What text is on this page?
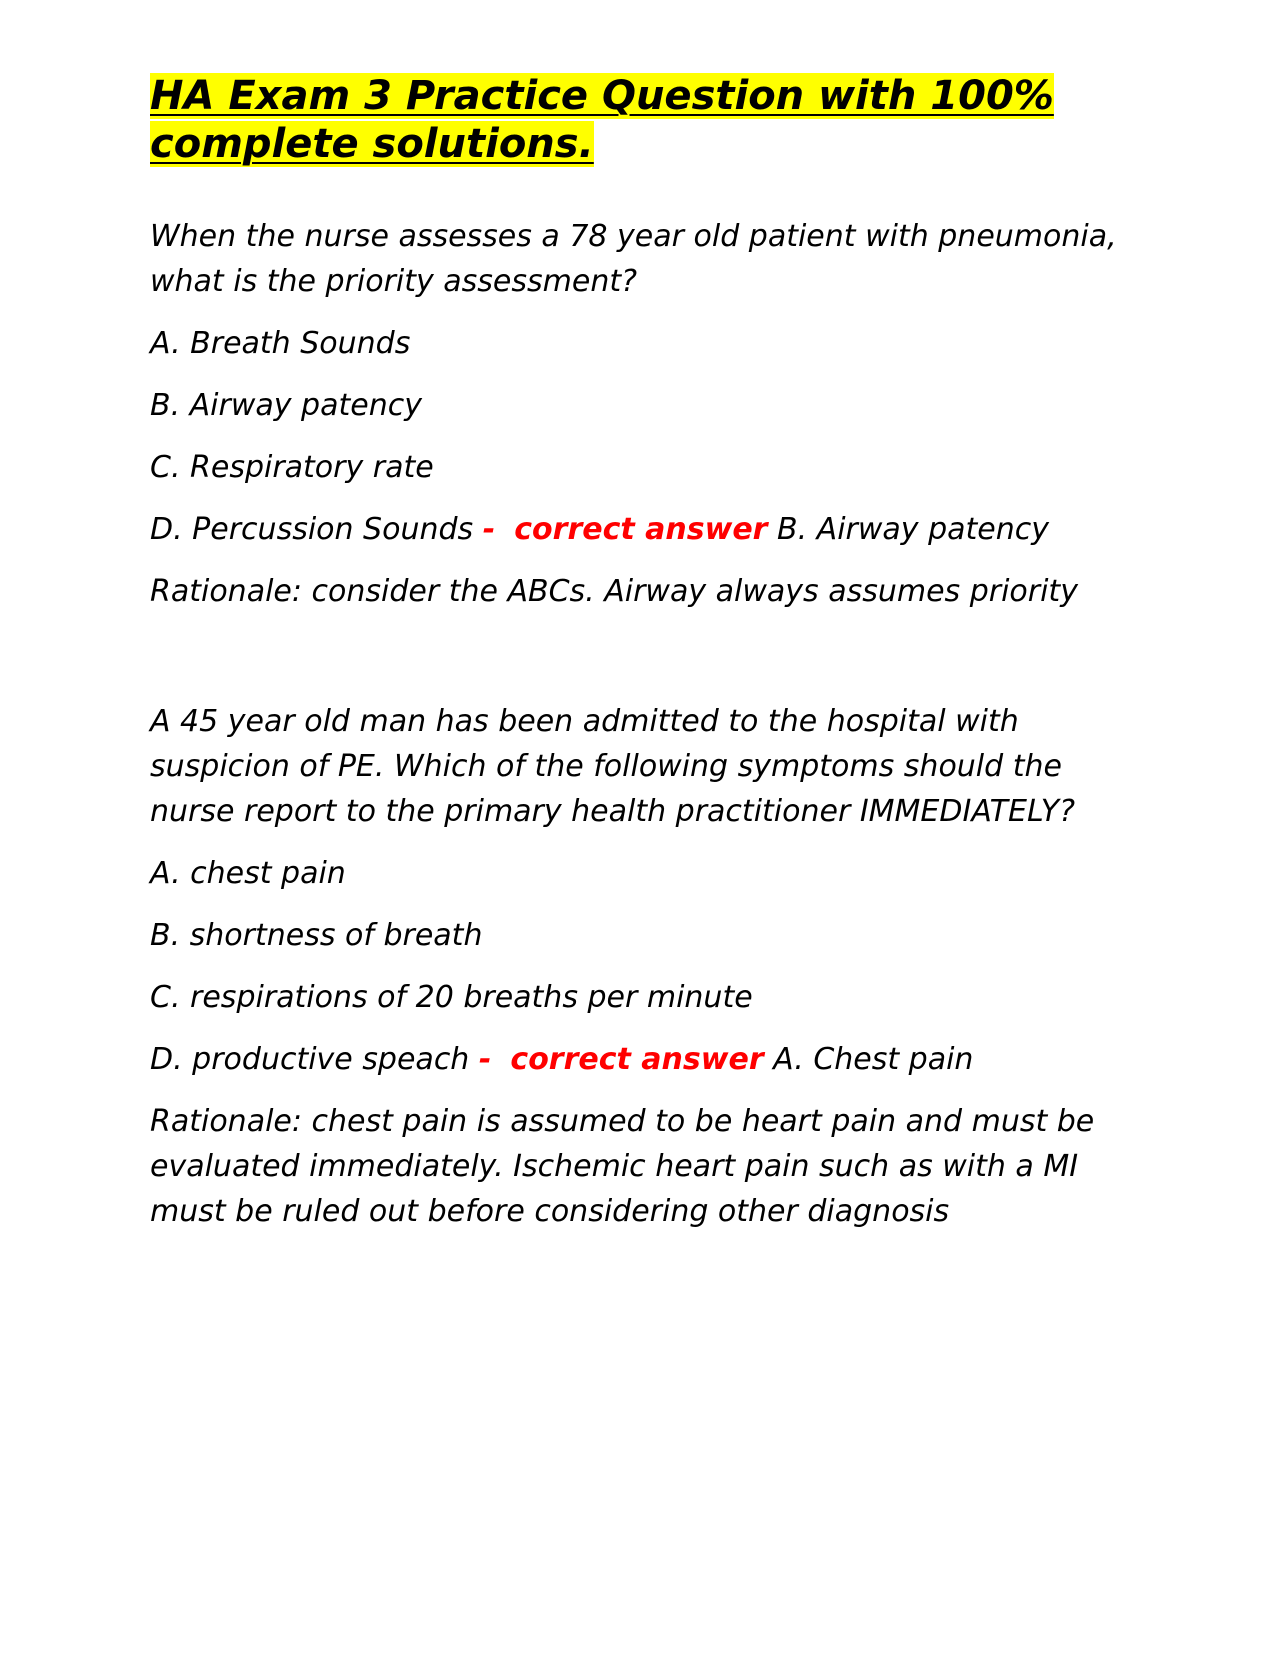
HA Exam 3 Practice Question with 100% complete solutions.

When the nurse assesses a 78 year old patient with pneumonia, what is the priority assessment?

A. Breath Sounds

B. Airway patency

C. Respiratory rate

D. Percussion Sounds - correct answer B. Airway patency

Rationale: consider the ABCs. Airway always assumes priority

A 45 year old man has been admitted to the hospital with suspicion of PE. Which of the following symptoms should the nurse report to the primary health practitioner IMMEDIATELY?

A. chest pain

B. shortness of breath

C. respirations of 20 breaths per minute

D. productive speach - correct answer A. Chest pain

Rationale: chest pain is assumed to be heart pain and must be evaluated immediately. Ischemic heart pain such as with a MI must be ruled out before considering other diagnosis
